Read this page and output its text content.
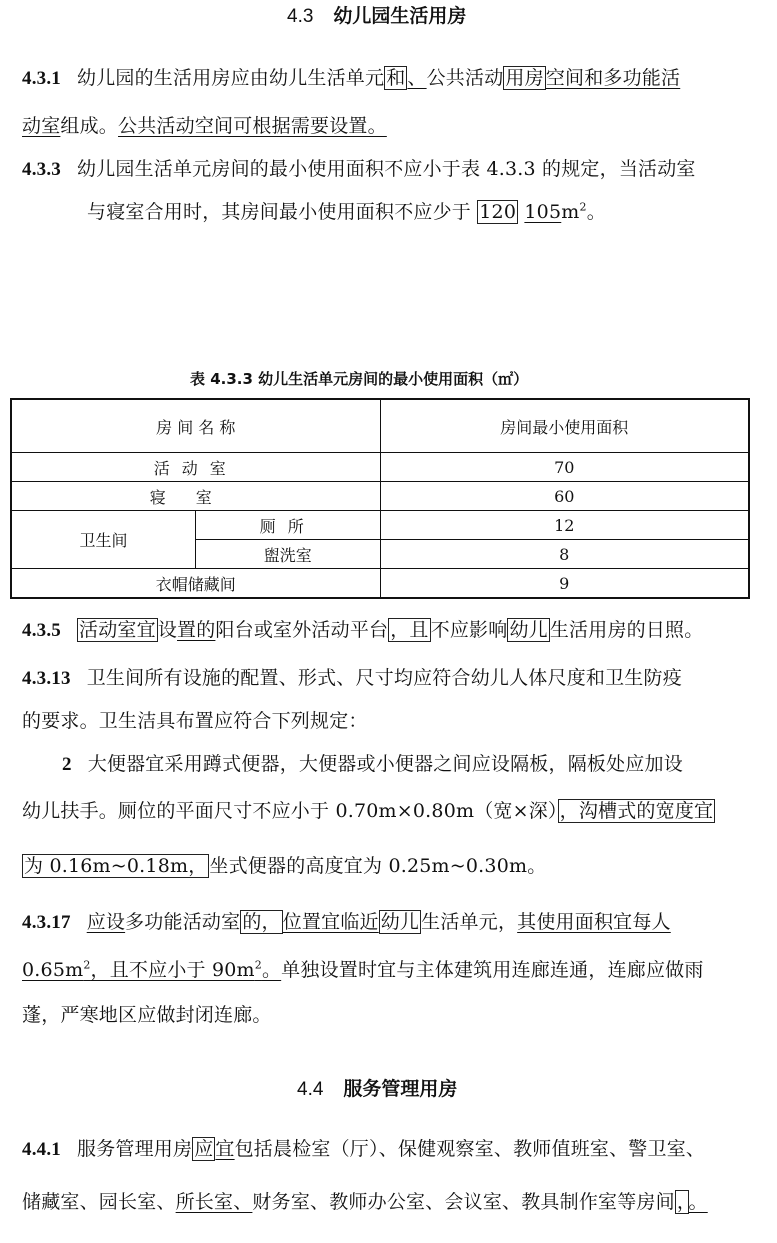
4.3 幼儿园生活用房
4.3.1 幼儿园的生活用房应由幼儿生活单元 和 、公共活动 用房 空间和多功能活
动室组成。公共活动空间可根据需要设置。
4.3.3 幼儿园生活单元房间的最小使用面积不应小于表 4.3.3 的规定，当活动室
与寝室合用时，其房间最小使用面积不应少于 120 $105m^2$。
表 4.3.3 幼儿生活单元房间的最小使用面积（㎡）
房 间 名 称		房间最小使用面积
活动室		70
寝室		60
卫生间	厕所	12
	盥洗室	8
衣帽储藏间		9
4.3.5 活动室宜 设置的阳台或室外活动平台 ，且 不应影响 幼儿 生活用房的日照。
4.3.13 卫生间所有设施的配置、形式、尺寸均应符合幼儿人体尺度和卫生防疫
的要求。卫生洁具布置应符合下列规定：
2 大便器宜采用蹲式便器，大便器或小便器之间应设隔板，隔板处应加设
幼儿扶手。厕位的平面尺寸不应小于 0.70m×0.80m（宽×深） ，沟槽式的宽度宜
为 0.16m~0.18m， 坐式便器的高度宜为 0.25m~0.30m。
4.3.17 应设多功能活动室 的， 位置宜临近 幼儿 生活单元，其使用面积宜每人
$0.65m^2$，且不应小于 $90m^2$。单独设置时宜与主体建筑用连廊连通，连廊应做雨
蓬，严寒地区应做封闭连廊。
4.4 服务管理用房
4.4.1 服务管理用房 应 宜包括晨检室（厅）、保健观察室、教师值班室、警卫室、
储藏室、园长室、所长室、财务室、教师办公室、会议室、教具制作室等房间 ， 。
